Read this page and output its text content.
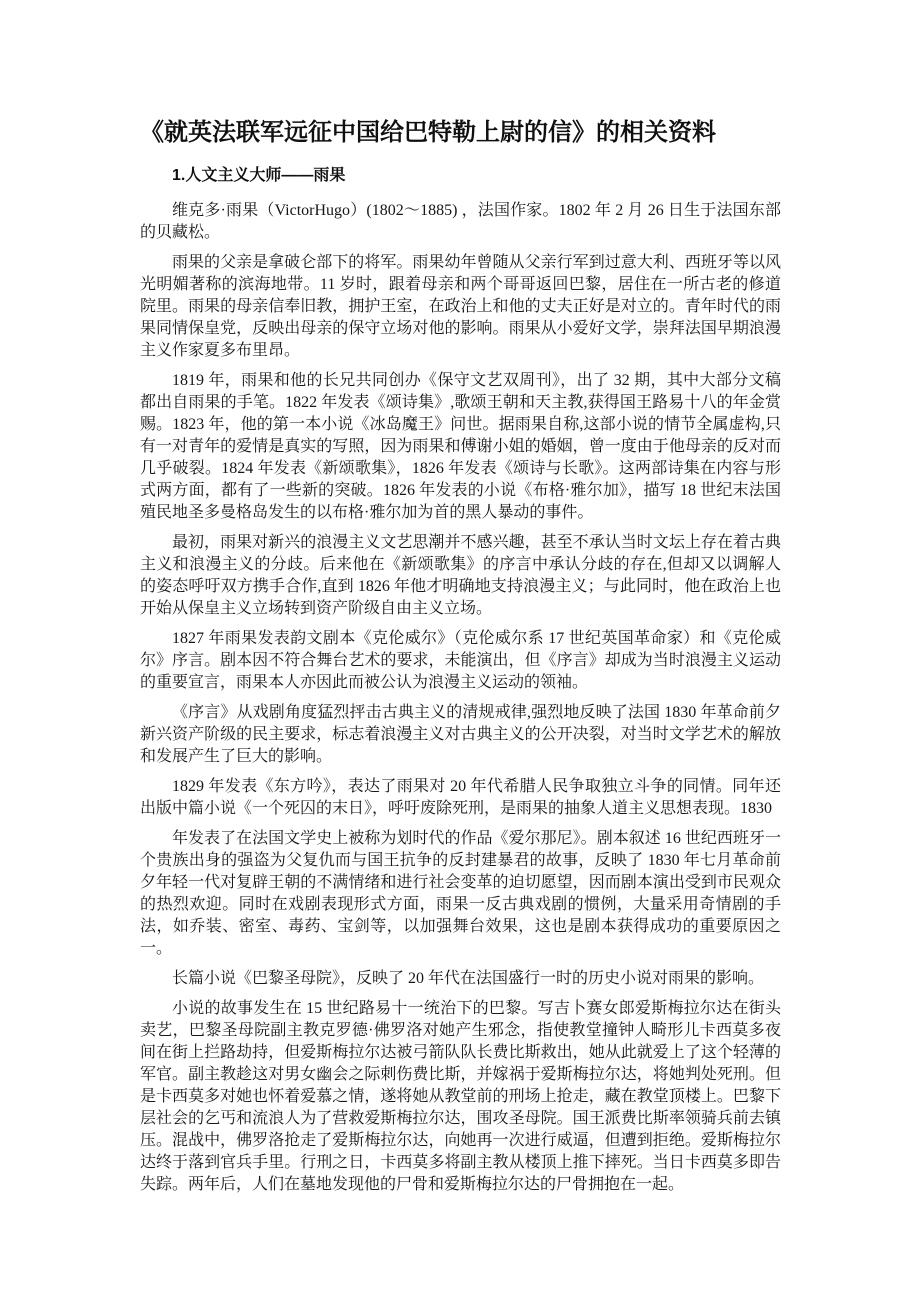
《就英法联军远征中国给巴特勒上尉的信》的相关资料
1.人文主义大师——雨果

维克多·雨果（VictorHugo）(1802～1885) ，法国作家。1802 年 2 月 26 日生于法国东部的贝藏松。

雨果的父亲是拿破仑部下的将军。雨果幼年曾随从父亲行军到过意大利、西班牙等以风光明媚著称的滨海地带。11 岁时，跟着母亲和两个哥哥返回巴黎，居住在一所古老的修道院里。雨果的母亲信奉旧教，拥护王室，在政治上和他的丈夫正好是对立的。青年时代的雨果同情保皇党，反映出母亲的保守立场对他的影响。雨果从小爱好文学，崇拜法国早期浪漫主义作家夏多布里昂。

1819 年，雨果和他的长兄共同创办《保守文艺双周刊》，出了 32 期，其中大部分文稿都出自雨果的手笔。1822 年发表《颂诗集》,歌颂王朝和天主教,获得国王路易十八的年金赏赐。1823 年，他的第一本小说《冰岛魔王》问世。据雨果自称,这部小说的情节全属虚构,只有一对青年的爱情是真实的写照，因为雨果和傅谢小姐的婚姻，曾一度由于他母亲的反对而几乎破裂。1824 年发表《新颂歌集》，1826 年发表《颂诗与长歌》。这两部诗集在内容与形式两方面，都有了一些新的突破。1826 年发表的小说《布格·雅尔加》，描写 18 世纪末法国殖民地圣多曼格岛发生的以布格·雅尔加为首的黑人暴动的事件。

最初，雨果对新兴的浪漫主义文艺思潮并不感兴趣，甚至不承认当时文坛上存在着古典主义和浪漫主义的分歧。后来他在《新颂歌集》的序言中承认分歧的存在,但却又以调解人的姿态呼吁双方携手合作,直到 1826 年他才明确地支持浪漫主义；与此同时，他在政治上也开始从保皇主义立场转到资产阶级自由主义立场。

1827 年雨果发表韵文剧本《克伦威尔》（克伦威尔系 17 世纪英国革命家）和《克伦威尔》序言。剧本因不符合舞台艺术的要求，未能演出，但《序言》却成为当时浪漫主义运动的重要宣言，雨果本人亦因此而被公认为浪漫主义运动的领袖。

《序言》从戏剧角度猛烈抨击古典主义的清规戒律,强烈地反映了法国 1830 年革命前夕新兴资产阶级的民主要求，标志着浪漫主义对古典主义的公开决裂，对当时文学艺术的解放和发展产生了巨大的影响。

1829 年发表《东方吟》，表达了雨果对 20 年代希腊人民争取独立斗争的同情。同年还出版中篇小说《一个死囚的末日》，呼吁废除死刑，是雨果的抽象人道主义思想表现。1830

年发表了在法国文学史上被称为划时代的作品《爱尔那尼》。剧本叙述 16 世纪西班牙一个贵族出身的强盗为父复仇而与国王抗争的反封建暴君的故事，反映了 1830 年七月革命前夕年轻一代对复辟王朝的不满情绪和进行社会变革的迫切愿望，因而剧本演出受到市民观众的热烈欢迎。同时在戏剧表现形式方面，雨果一反古典戏剧的惯例，大量采用奇情剧的手法，如乔装、密室、毒药、宝剑等，以加强舞台效果，这也是剧本获得成功的重要原因之一。

长篇小说《巴黎圣母院》，反映了 20 年代在法国盛行一时的历史小说对雨果的影响。

小说的故事发生在 15 世纪路易十一统治下的巴黎。写吉卜赛女郎爱斯梅拉尔达在街头卖艺，巴黎圣母院副主教克罗德·佛罗洛对她产生邪念，指使教堂撞钟人畸形儿卡西莫多夜间在街上拦路劫持，但爱斯梅拉尔达被弓箭队队长费比斯救出，她从此就爱上了这个轻薄的军官。副主教趁这对男女幽会之际刺伤费比斯，并嫁祸于爱斯梅拉尔达，将她判处死刑。但是卡西莫多对她也怀着爱慕之情，遂将她从教堂前的刑场上抢走，藏在教堂顶楼上。巴黎下层社会的乞丐和流浪人为了营救爱斯梅拉尔达，围攻圣母院。国王派费比斯率领骑兵前去镇压。混战中，佛罗洛抢走了爱斯梅拉尔达，向她再一次进行威逼，但遭到拒绝。爱斯梅拉尔达终于落到官兵手里。行刑之日，卡西莫多将副主教从楼顶上推下摔死。当日卡西莫多即告失踪。两年后，人们在墓地发现他的尸骨和爱斯梅拉尔达的尸骨拥抱在一起。
